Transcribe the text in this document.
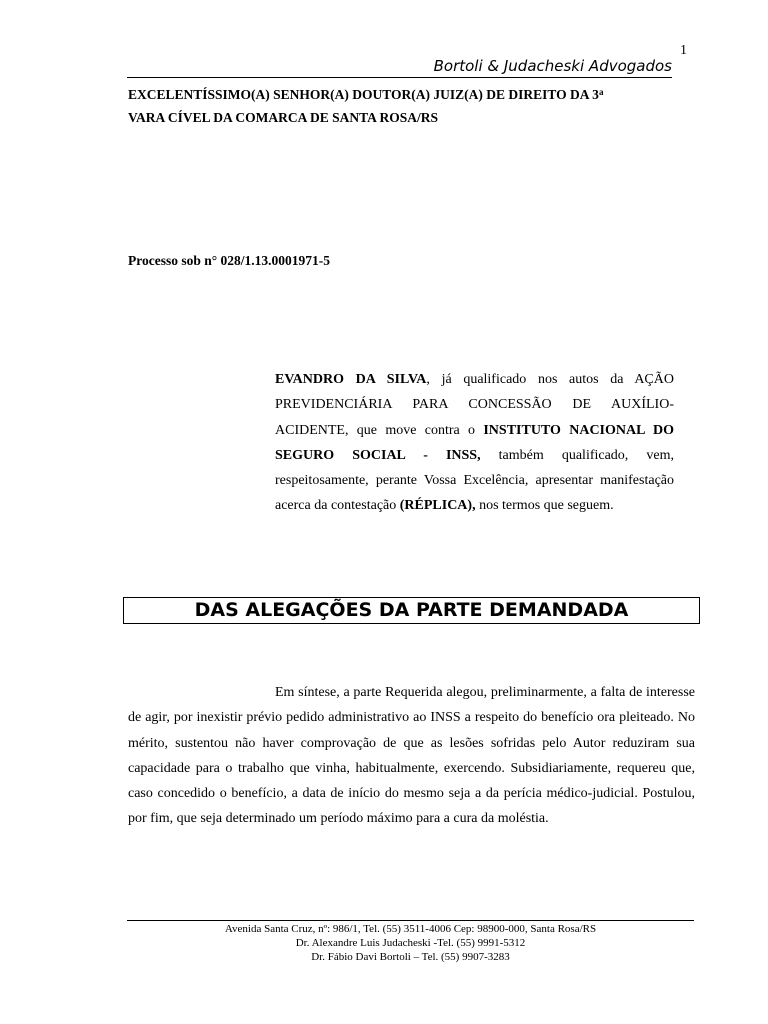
1
Bortoli & Judacheski Advogados
EXCELENTÍSSIMO(A) SENHOR(A) DOUTOR(A) JUIZ(A) DE DIREITO DA 3$^a$
VARA CÍVEL DA COMARCA DE SANTA ROSA/RS
Processo sob n° 028/1.13.0001971-5
EVANDRO DA SILVA, já qualificado nos autos da AÇÃO PREVIDENCIÁRIA PARA CONCESSÃO DE AUXÍLIO-ACIDENTE, que move contra o INSTITUTO NACIONAL DO SEGURO SOCIAL - INSS, também qualificado, vem, respeitosamente, perante Vossa Excelência, apresentar manifestação acerca da contestação (RÉPLICA), nos termos que seguem.
DAS ALEGAÇÕES DA PARTE DEMANDADA
Em síntese, a parte Requerida alegou, preliminarmente, a falta de interesse de agir, por inexistir prévio pedido administrativo ao INSS a respeito do benefício ora pleiteado. No mérito, sustentou não haver comprovação de que as lesões sofridas pelo Autor reduziram sua capacidade para o trabalho que vinha, habitualmente, exercendo. Subsidiariamente, requereu que, caso concedido o benefício, a data de início do mesmo seja a da perícia médico-judicial. Postulou, por fim, que seja determinado um período máximo para a cura da moléstia.
Avenida Santa Cruz, nº: 986/1, Tel. (55) 3511-4006 Cep: 98900-000, Santa Rosa/RS
Dr. Alexandre Luis Judacheski -Tel. (55) 9991-5312
Dr. Fábio Davi Bortoli – Tel. (55) 9907-3283
